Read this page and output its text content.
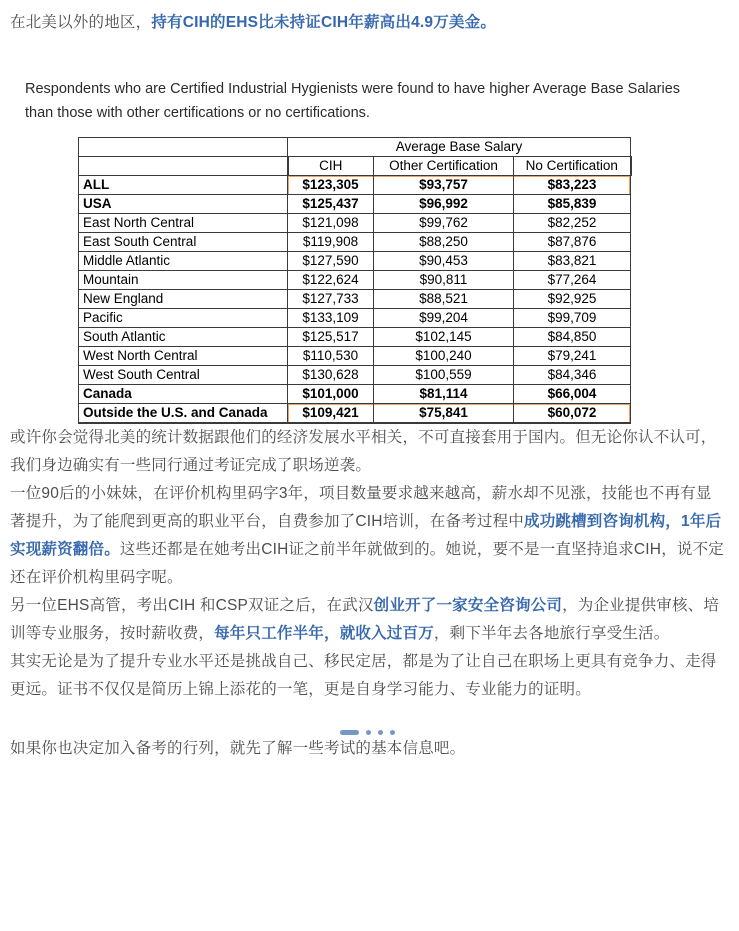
在北美以外的地区，持有CIH的EHS比未持证CIH年薪高出4.9万美金。

Respondents who are Certified Industrial Hygienists were found to have higher Average Base Salaries than those with other certifications or no certifications.

	Average Base Salary		
	CIH	Other Certification	No Certification
ALL	$123,305	$93,757	$83,223
USA	$125,437	$96,992	$85,839
East North Central	$121,098	$99,762	$82,252
East South Central	$119,908	$88,250	$87,876
Middle Atlantic	$127,590	$90,453	$83,821
Mountain	$122,624	$90,811	$77,264
New England	$127,733	$88,521	$92,925
Pacific	$133,109	$99,204	$99,709
South Atlantic	$125,517	$102,145	$84,850
West North Central	$110,530	$100,240	$79,241
West South Central	$130,628	$100,559	$84,346
Canada	$101,000	$81,114	$66,004
Outside the U.S. and Canada	$109,421	$75,841	$60,072

或许你会觉得北美的统计数据跟他们的经济发展水平相关，不可直接套用于国内。但无论你认不认可，我们身边确实有一些同行通过考证完成了职场逆袭。

一位90后的小妹妹，在评价机构里码字3年，项目数量要求越来越高，薪水却不见涨，技能也不再有显著提升，为了能爬到更高的职业平台，自费参加了CIH培训，在备考过程中成功跳槽到咨询机构，1年后实现薪资翻倍。这些还都是在她考出CIH证之前半年就做到的。她说，要不是一直坚持追求CIH，说不定还在评价机构里码字呢。

另一位EHS高管，考出CIH 和CSP双证之后，在武汉创业开了一家安全咨询公司，为企业提供审核、培训等专业服务，按时薪收费，每年只工作半年，就收入过百万，剩下半年去各地旅行享受生活。

其实无论是为了提升专业水平还是挑战自己、移民定居，都是为了让自己在职场上更具有竞争力、走得更远。证书不仅仅是简历上锦上添花的一笔，更是自身学习能力、专业能力的证明。

如果你也决定加入备考的行列，就先了解一些考试的基本信息吧。
